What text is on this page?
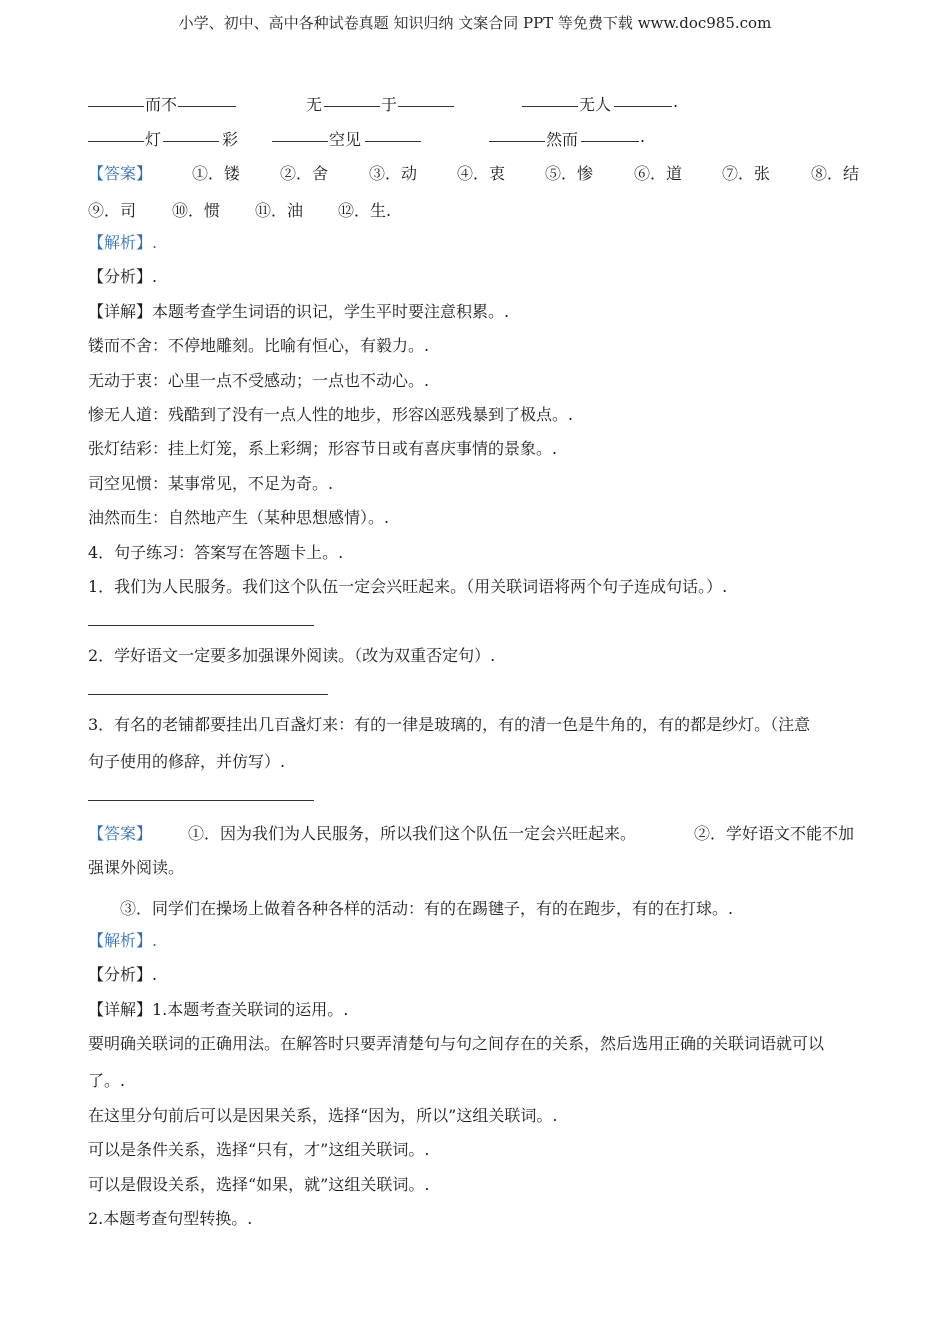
小学、初中、高中各种试卷真题 知识归纳 文案合同 PPT 等免费下载 www.doc985.com
而不	无	于	无人	.
灯	彩	空见	然而	.
【答案】 ①．镂 ②．舍	③．动 ④．衷 ⑤．惨	⑥．道 ⑦．张	⑧．结
⑨．司 ⑩．惯 ⑪．油 ⑫．生.
【解析】.
【分析】.
【详解】本题考查学生词语的识记，学生平时要注意积累。.
镂而不舍：不停地雕刻。比喻有恒心，有毅力。.
无动于衷：心里一点不受感动；一点也不动心。.
惨无人道：残酷到了没有一点人性的地步，形容凶恶残暴到了极点。.
张灯结彩：挂上灯笼，系上彩绸；形容节日或有喜庆事情的景象。.
司空见惯：某事常见，不足为奇。.
油然而生：自然地产生（某种思想感情）。.
4．句子练习：答案写在答题卡上。.
1．我们为人民服务。我们这个队伍一定会兴旺起来。（用关联词语将两个句子连成句话。）.
2．学好语文一定要多加强课外阅读。（改为双重否定句）.
3．有名的老铺都要挂出几百盏灯来：有的一律是玻璃的，有的清一色是牛角的，有的都是纱灯。（注意
句子使用的修辞，并仿写）.
【答案】 ①．因为我们为人民服务，所以我们这个队伍一定会兴旺起来。	②．学好语文不能不加
强课外阅读。
③．同学们在操场上做着各种各样的活动：有的在踢毽子，有的在跑步，有的在打球。.
【解析】.
【分析】.
【详解】1.本题考查关联词的运用。.
要明确关联词的正确用法。在解答时只要弄清楚句与句之间存在的关系，然后选用正确的关联词语就可以
了。.
在这里分句前后可以是因果关系，选择“因为，所以”这组关联词。.
可以是条件关系，选择“只有，才”这组关联词。.
可以是假设关系，选择“如果，就”这组关联词。.
2.本题考查句型转换。.
